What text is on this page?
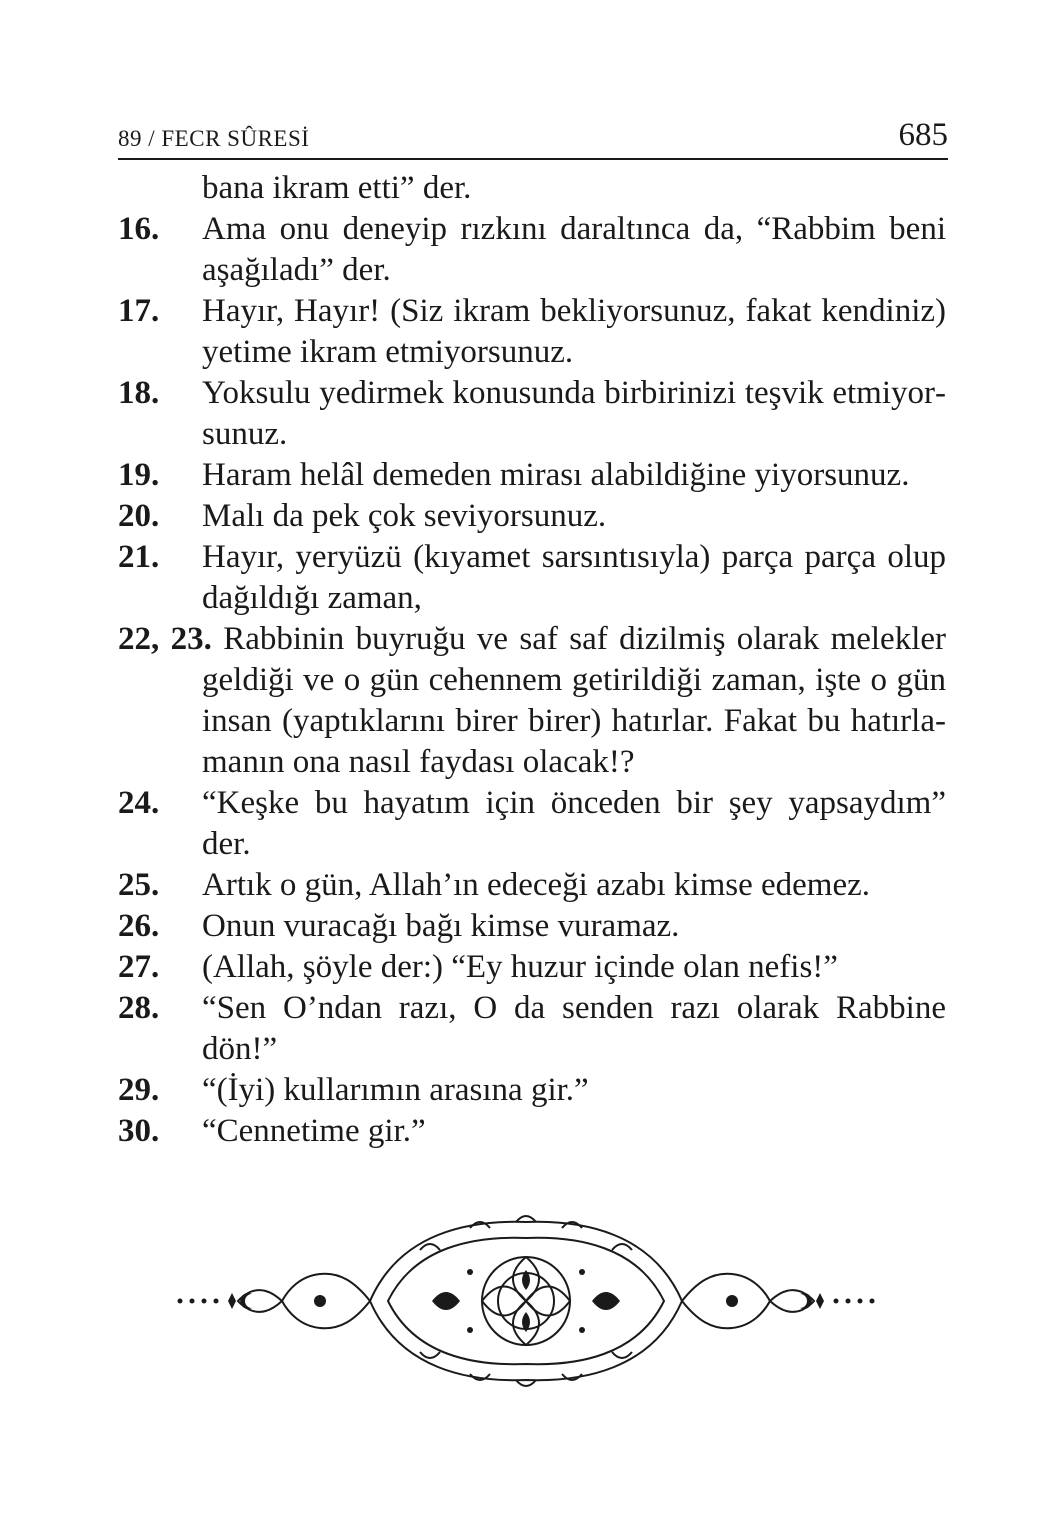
89 / FECR SÛRESİ	685
bana ikram etti” der.
16.	Ama onu deneyip rızkını daraltınca da, “Rabbim beni aşağıladı” der.
17.	Hayır, Hayır! (Siz ikram bekliyorsunuz, fakat kendiniz) yetime ikram etmiyorsunuz.
18.	Yoksulu yedirmek konusunda birbirinizi teşvik etmiyorsunuz.
19.	Haram helâl demeden mirası alabildiğine yiyorsunuz.
20.	Malı da pek çok seviyorsunuz.
21.	Hayır, yeryüzü (kıyamet sarsıntısıyla) parça parça olup dağıldığı zaman,
22, 23. Rabbinin buyruğu ve saf saf dizilmiş olarak melekler geldiği ve o gün cehennem getirildiği zaman, işte o gün insan (yaptıklarını birer birer) hatırlar. Fakat bu hatırlamanın ona nasıl faydası olacak!?
24.	“Keşke bu hayatım için önceden bir şey yapsaydım” der.
25.	Artık o gün, Allah’ın edeceği azabı kimse edemez.
26.	Onun vuracağı bağı kimse vuramaz.
27.	(Allah, şöyle der:) “Ey huzur içinde olan nefis!”
28.	“Sen O’ndan razı, O da senden razı olarak Rabbine dön!”
29.	“(İyi) kullarımın arasına gir.”
30.	“Cennetime gir.”
